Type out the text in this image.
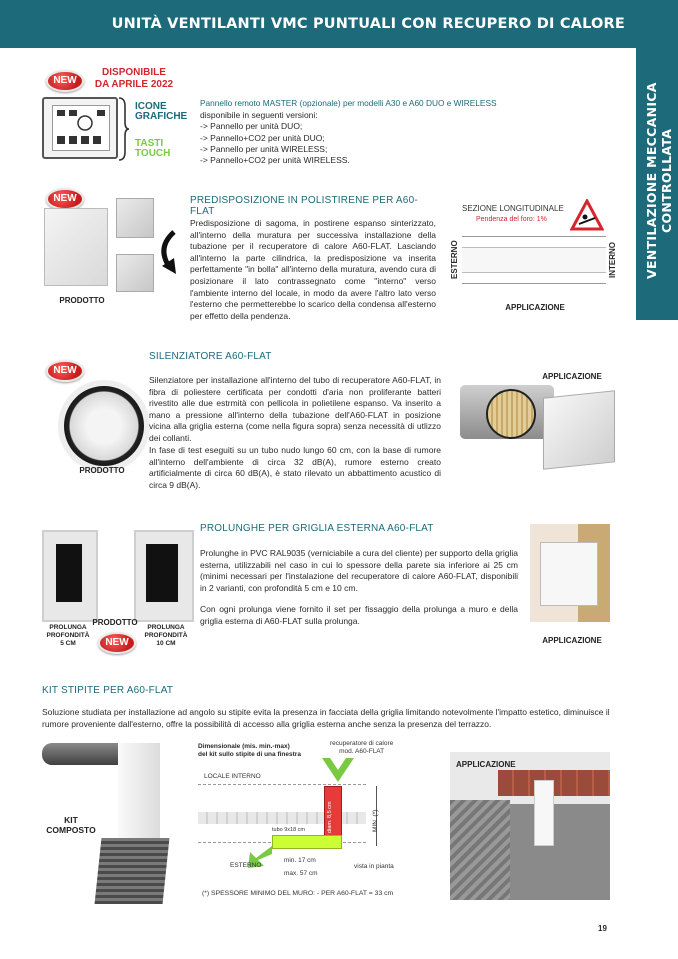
UNITÀ VENTILANTI VMC PUNTUALI CON RECUPERO DI CALORE
VENTILAZIONE MECCANICA CONTROLLATA
NEW
DISPONIBILE
DA APRILE 2022
ICONE
GRAFICHE
TASTI
TOUCH
Pannello remoto MASTER (opzionale) per modelli A30 e A60 DUO e WIRELESS
disponibile in seguenti versioni:
-> Pannello per unità DUO;
-> Pannello+CO2 per unità DUO;
-> Pannello per unità WIRELESS;
-> Pannello+CO2 per unità WIRELESS.
NEW
PRODOTTO
PREDISPOSIZIONE IN POLISTIRENE PER A60-FLAT
Predisposizione di sagoma, in postirene espanso sinterizzato, all'interno della muratura per successiva installazione della tubazione per il recuperatore di calore A60-FLAT. Lasciando all'interno la parte cilindrica, la predisposizione va inserita perfettamente "in bolla" all'interno della muratura, avendo cura di posizionare il lato contrassegnato come "interno" verso l'ambiente interno del locale, in modo da avere l'altro lato verso l'esterno che permetterebbe lo scarico della condensa all'esterno per effetto della pendenza.
SEZIONE LONGITUDINALE
Pendenza del foro: 1%
ESTERNO	INTERNO
APPLICAZIONE
NEW
PRODOTTO
SILENZIATORE A60-FLAT
Silenziatore per installazione all'interno del tubo di recuperatore A60-FLAT, in fibra di poliestere certificata per condotti d'aria non proliferante batteri rivestito alle due estrmità con pellicola in polietilene espanso. Va inserito a mano a pressione all'interno della tubazione dell'A60-FLAT in posizione vicina alla griglia esterna (come nella figura sopra) senza necessità di utlizzo dei collanti.
In fase di test eseguiti su un tubo nudo lungo 60 cm, con la base di rumore all'interno dell'ambiente di circa 32 dB(A), rumore esterno creato artificialmente di circa 60 dB(A), è stato rilevato un abbattimento acustico di circa 9 dB(A).
APPLICAZIONE
PRODOTTO
NEW
PROLUNGA
PROFONDITÀ
5 CM
PROLUNGA
PROFONDITÀ
10 CM
PROLUNGHE PER GRIGLIA ESTERNA A60-FLAT
Prolunghe in PVC RAL9035 (verniciabile a cura del cliente) per supporto della griglia esterna, utilizzabili nel caso in cui lo spessore della parete sia inferiore ai 25 cm (minimi necessari per l'instalazione del recuperatore di calore A60-FLAT, disponibili in 2 varianti, con profondità 5 cm e 10 cm.
Con ogni prolunga viene fornito il set per fissaggio della prolunga a muro e della griglia esterna di A60-FLAT sulla prolunga.
APPLICAZIONE
KIT STIPITE PER A60-FLAT
Soluzione studiata per installazione ad angolo su stipite evita la presenza in facciata della griglia limitando notevolmente l'impatto estetico, diminuisce il rumore proveniente dall'esterno, offre la possibilità di accesso alla griglia esterna anche senza la presenza del terrazzo.
KIT
COMPOSTO
Dimensionale (mis. min.-max)
del kit sullo stipite di una finestra
recuperatore di calore
mod. A60-FLAT
LOCALE INTERNO
diam. 8,5 cm
tubo 9x18 cm	MIN. (*)
ESTERNO
min. 17 cm
max. 57 cm
vista in pianta
(*) SPESSORE MINIMO DEL MURO: - PER A60-FLAT = 33 cm
APPLICAZIONE
19
